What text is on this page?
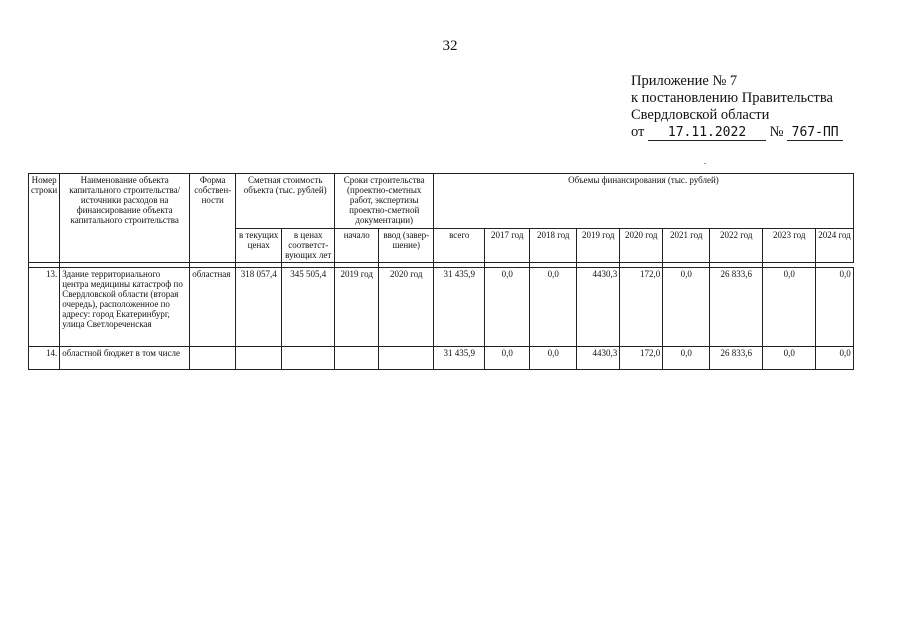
32
Приложение № 7
к постановлению Правительства
Свердловской области
от 17.11.2022 № 767-ПП
Номер строки	Наименование объекта капитального строительства/ источники расходов на финансирование объекта капитального строительства	Форма собствен-ности	Сметная стоимость объекта (тыс. рублей)		Сроки строительства (проектно-сметных работ, экспертизы проектно-сметной документации)		Объемы финансирования (тыс. рублей)								
			в текущих ценах	в ценах соответст-вующих лет	начало	ввод (завер-шение)	всего	2017 год	2018 год	2019 год	2020 год	2021 год	2022 год	2023 год	2024 год

13.	Здание территориального центра медицины катастроф по Свердловской области (вторая очередь), расположенное по адресу: город Екатеринбург, улица Светлореченская	областная	318 057,4	345 505,4	2019 год	2020 год	31 435,9	0,0	0,0	4430,3	172,0	0,0	26 833,6	0,0	0,0
14.	областной бюджет в том числе						31 435,9	0,0	0,0	4430,3	172,0	0,0	26 833,6	0,0	0,0
